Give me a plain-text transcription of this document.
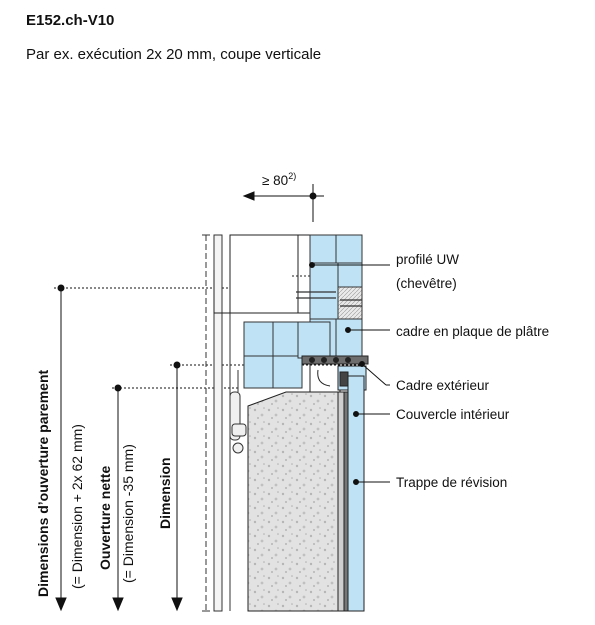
E152.ch-V10
Par ex. exécution 2x 20 mm, coupe verticale
Dimensions d’ouverture parement (= Dimension + 2x 62 mm) Ouverture nette (= Dimension -35 mm) Dimension
≥ $80^{2)}$
profilé UW
(chevêtre)
cadre en plaque de plâtre
Cadre extérieur
Couvercle intérieur
Trappe de révision
